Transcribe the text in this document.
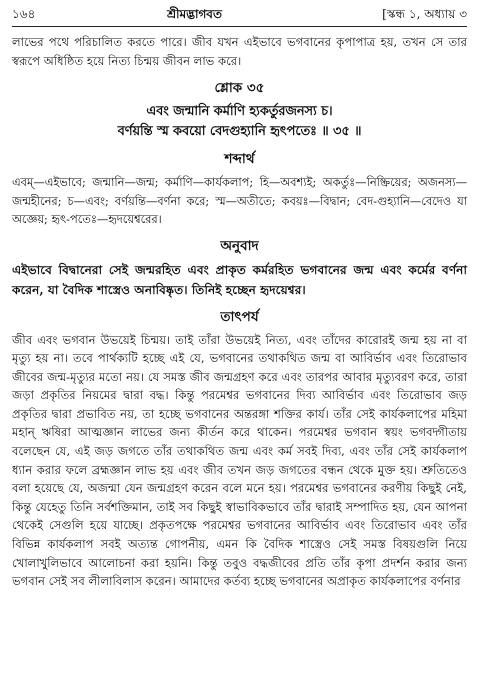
১৬৪	শ্রীমদ্ভাগবত	[স্কন্ধ ১, অধ্যায় ৩

লাভের পথে পরিচালিত করতে পারে। জীব যখন এইভাবে ভগবানের কৃপাপাত্র হয়, তখন সে তার স্বরূপে অধিষ্ঠিত হয়ে নিত্য চিন্ময় জীবন লাভ করে।

শ্লোক ৩৫

এবং জন্মানি কর্মাণি হ্যকর্তুরজনস্য চ।

বর্ণয়ন্তি স্ম কবয়ো বেদগুহ্যানি হৃৎপতেঃ ॥ ৩৫ ॥

শব্দার্থ

এবম্—এইভাবে; জন্মানি—জন্ম; কর্মাণি—কার্যকলাপ; হি—অবশ্যই; অকর্তুঃ—নিষ্ক্রিয়ের; অজনস্য—জন্মহীনের; চ—এবং; বর্ণয়ন্তি—বর্ণনা করে; স্ম—অতীতে; কবয়ঃ—বিদ্বান; বেদ-গুহ্যানি—বেদেও যা অজ্ঞেয়; হৃৎ-পতেঃ—হৃদয়েশ্বরের।

অনুবাদ

এইভাবে বিদ্বানেরা সেই জন্মরহিত এবং প্রাকৃত কর্মরহিত ভগবানের জন্ম এবং কর্মের বর্ণনা করেন, যা বৈদিক শাস্ত্রেও অনাবিষ্কৃত। তিনিই হচ্ছেন হৃদয়েশ্বর।

তাৎপর্য

জীব এবং ভগবান উভয়েই চিন্ময়। তাই তাঁরা উভয়েই নিত্য, এবং তাঁদের কারোরই জন্ম হয় না বা মৃত্যু হয় না। তবে পার্থক্যটি হচ্ছে এই যে, ভগবানের তথাকথিত জন্ম বা আবির্ভাব এবং তিরোভাব জীবের জন্ম-মৃত্যুর মতো নয়। যে সমস্ত জীব জন্মগ্রহণ করে এবং তারপর আবার মৃত্যুবরণ করে, তারা জড়া প্রকৃতির নিয়মের দ্বারা বদ্ধ। কিন্তু পরমেশ্বর ভগবানের দিব্য আবির্ভাব এবং তিরোভাব জড় প্রকৃতির দ্বারা প্রভাবিত নয়, তা হচ্ছে ভগবানের অন্তরঙ্গা শক্তির কার্য। তাঁর সেই কার্যকলাপের মহিমা মহান্ ঋষিরা আত্মজ্ঞান লাভের জন্য কীর্তন করে থাকেন। পরমেশ্বর ভগবান স্বয়ং ভগবদ্গীতায় বলেছেন যে, এই জড় জগতে তাঁর তথাকথিত জন্ম এবং কর্ম সবই দিব্য, এবং তাঁর সেই কার্যকলাপ ধ্যান করার ফলে ব্রহ্মজ্ঞান লাভ হয় এবং জীব তখন জড় জগতের বন্ধন থেকে মুক্ত হয়। শ্রুতিতেও বলা হয়েছে যে, অজন্মা যেন জন্মগ্রহণ করেন বলে মনে হয়। পরমেশ্বর ভগবানের করণীয় কিছুই নেই, কিন্তু যেহেতু তিনি সর্বশক্তিমান, তাই সব কিছুই স্বাভাবিকভাবে তাঁর দ্বারাই সম্পাদিত হয়, যেন আপনা থেকেই সেগুলি হয়ে যাচ্ছে। প্রকৃতপক্ষে পরমেশ্বর ভগবানের আবির্ভাব এবং তিরোভাব এবং তাঁর বিভিন্ন কার্যকলাপ সবই অত্যন্ত গোপনীয়, এমন কি বৈদিক শাস্ত্রেও সেই সমস্ত বিষয়গুলি নিয়ে খোলাখুলিভাবে আলোচনা করা হয়নি। কিন্তু তবুও বদ্ধজীবের প্রতি তাঁর কৃপা প্রদর্শন করার জন্য ভগবান সেই সব লীলাবিলাস করেন। আমাদের কর্তব্য হচ্ছে ভগবানের অপ্রাকৃত কার্যকলাপের বর্ণনার
